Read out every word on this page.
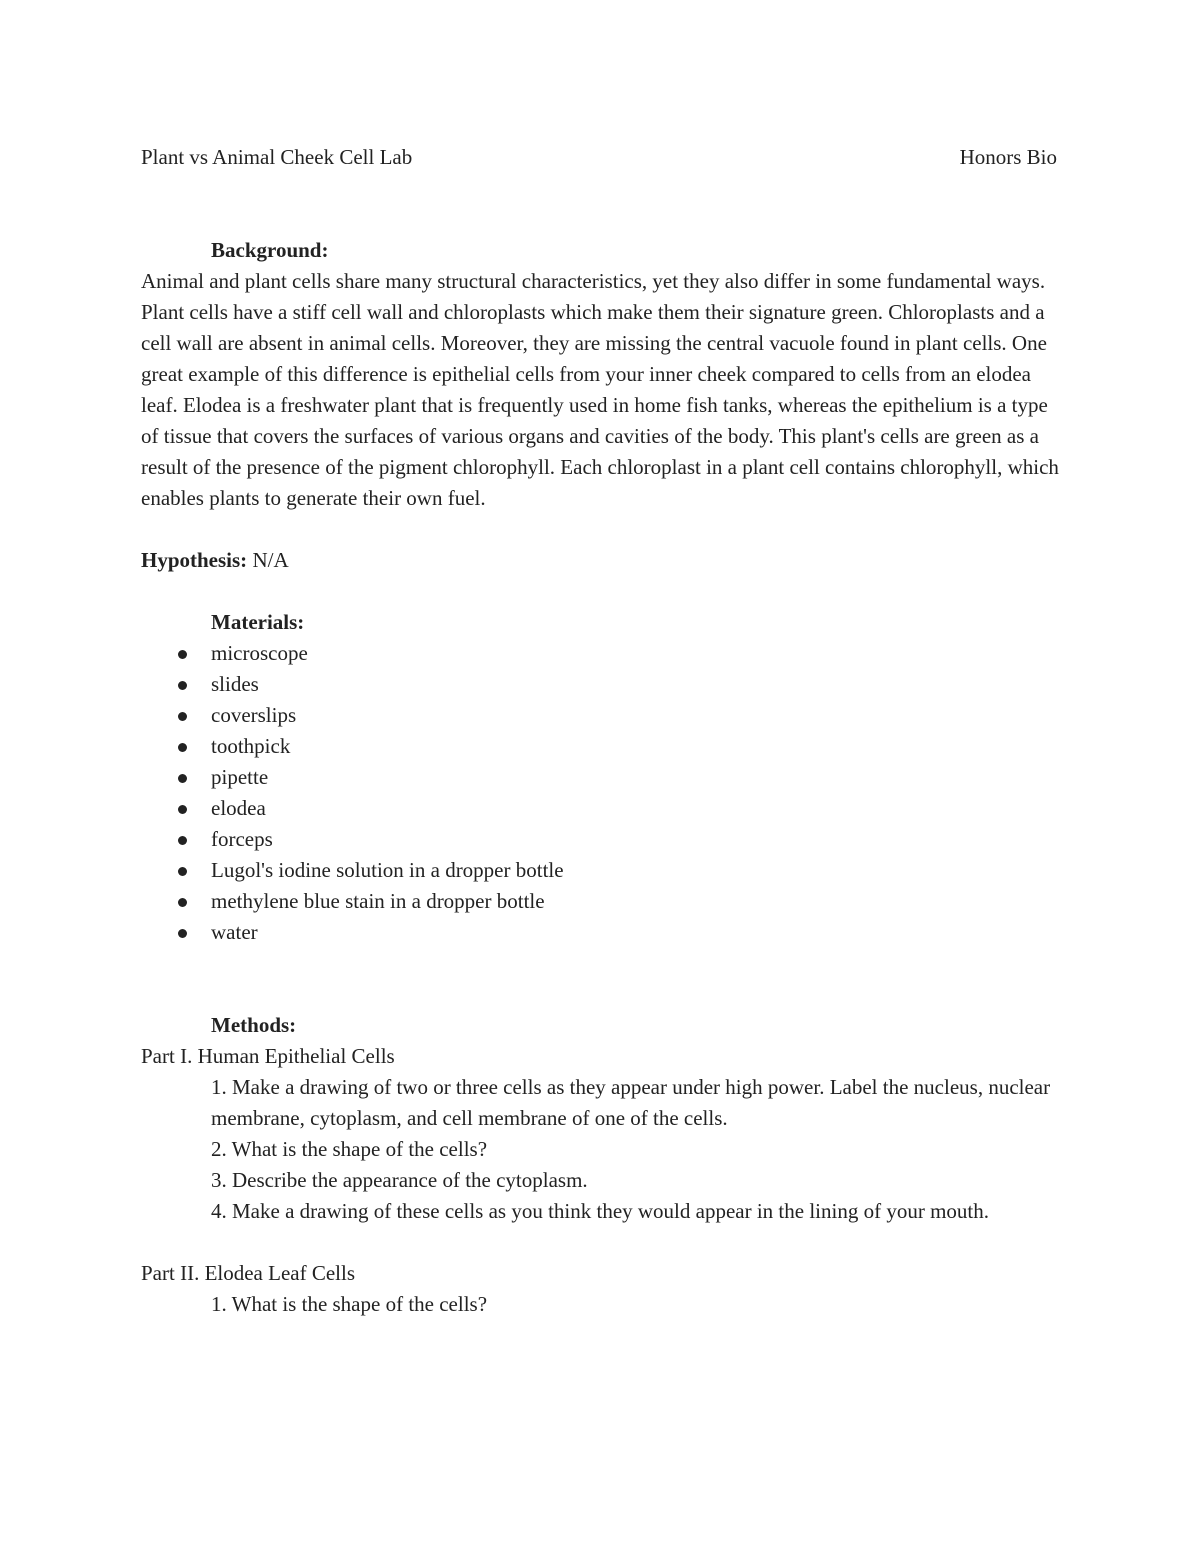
Plant vs Animal Cheek Cell Lab	Honors Bio

Background:

Animal and plant cells share many structural characteristics, yet they also differ in some fundamental ways. Plant cells have a stiff cell wall and chloroplasts which make them their signature green. Chloroplasts and a cell wall are absent in animal cells. Moreover, they are missing the central vacuole found in plant cells. One great example of this difference is epithelial cells from your inner cheek compared to cells from an elodea leaf. Elodea is a freshwater plant that is frequently used in home fish tanks, whereas the epithelium is a type of tissue that covers the surfaces of various organs and cavities of the body. This plant's cells are green as a result of the presence of the pigment chlorophyll. Each chloroplast in a plant cell contains chlorophyll, which enables plants to generate their own fuel.

Hypothesis: N/A

Materials:

microscope
slides
coverslips
toothpick
pipette
elodea
forceps
Lugol's iodine solution in a dropper bottle
methylene blue stain in a dropper bottle
water

Methods:

Part I. Human Epithelial Cells

1. Make a drawing of two or three cells as they appear under high power. Label the nucleus, nuclear membrane, cytoplasm, and cell membrane of one of the cells.

2. What is the shape of the cells?

3. Describe the appearance of the cytoplasm.

4. Make a drawing of these cells as you think they would appear in the lining of your mouth.

Part II. Elodea Leaf Cells

1. What is the shape of the cells?
